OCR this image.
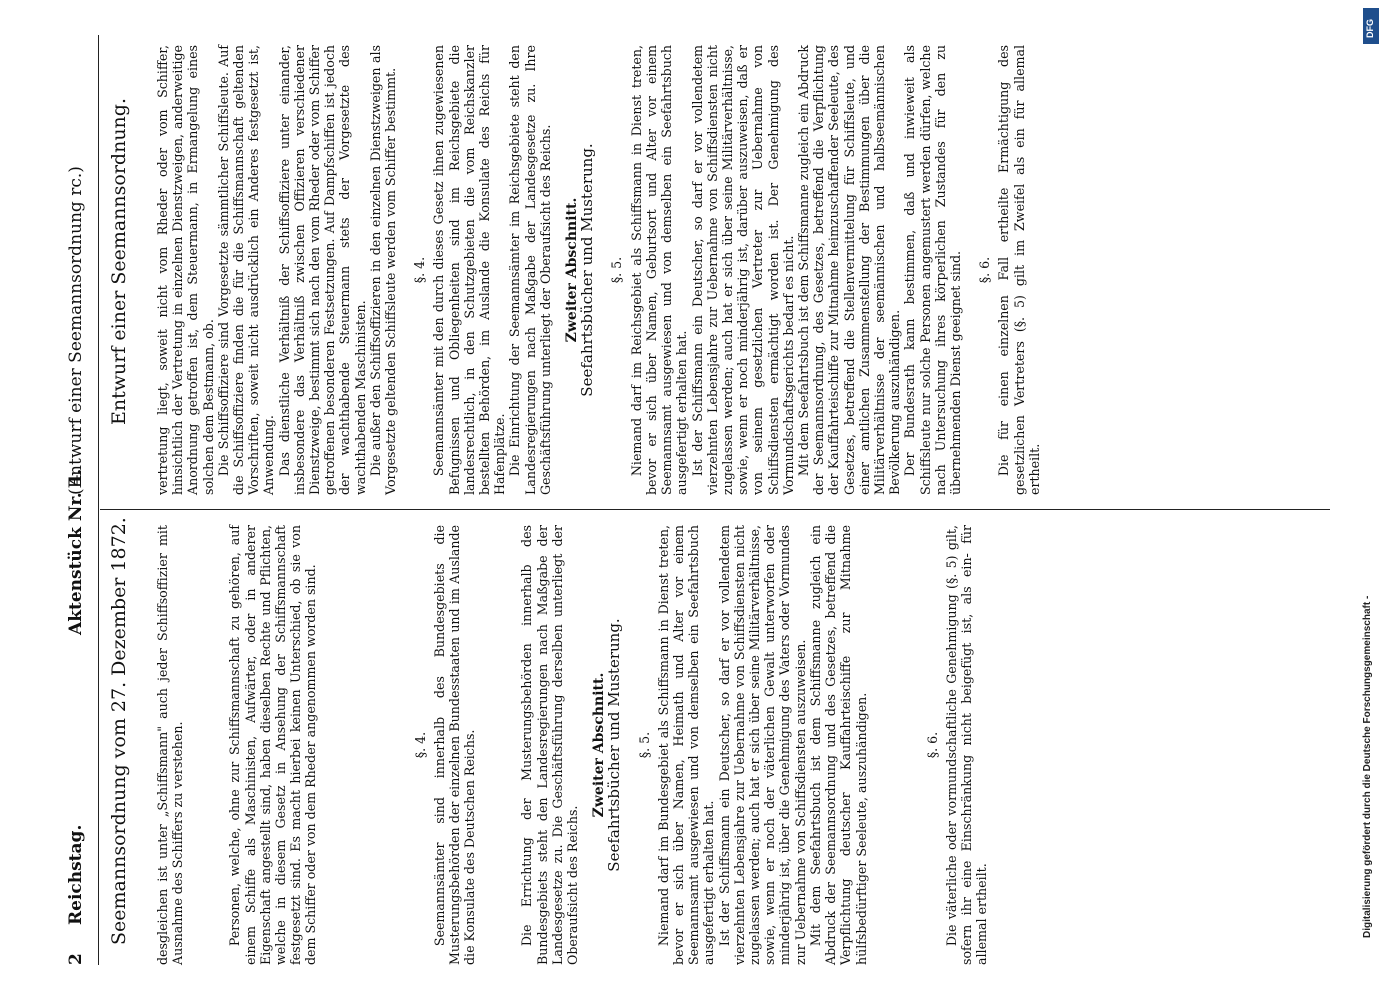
2
Reichstag.
Aktenstück Nr. 4.
(Entwurf einer Seemannsordnung rc.)
Seemannsordnung vom 27. Dezember 1872.
Entwurf einer Seemannsordnung.

desgleichen ist unter „Schiffsmann" auch jeder Schiffsoffizier mit Ausnahme des Schiffers zu verstehen.	Personen, welche, ohne zur Schiffsmannschaft zu gehören, auf einem Schiffe als Maschinisten, Aufwärter, oder in anderer Eigenschaft angestellt sind, haben dieselben Rechte und Pflichten, welche in diesem Gesetz in Ansehung der Schiffsmannschaft festgesetzt sind. Es macht hierbei keinen Unterschied, ob sie von dem Schiffer oder von dem Rheder angenommen worden sind.	§. 4. Seemannsämter sind innerhalb des Bundesgebiets die Musterungsbehörden der einzelnen Bundesstaaten und im Auslande die Konsulate des Deutschen Reichs.	Die Errichtung der Musterungsbehörden innerhalb des Bundesgebiets steht den Landesregierungen nach Maßgabe der Landesgesetze zu. Die Geschäftsführung derselben unterliegt der Oberaufsicht des Reichs.

Zweiter Abschnitt.
Seefahrtsbücher und Musterung. §. 5. Niemand darf im Bundesgebiet als Schiffsmann in Dienst treten, bevor er sich über Namen, Heimath und Alter vor einem Seemannsamt ausgewiesen und von demselben ein Seefahrtsbuch ausgefertigt erhalten hat. Ist der Schiffsmann ein Deutscher, so darf er vor vollendetem vierzehnten Lebensjahre zur Uebernahme von Schiffsdiensten nicht zugelassen werden; auch hat er sich über seine Militärverhältnisse, sowie, wenn er noch der väterlichen Gewalt unterworfen oder minderjährig ist, über die Genehmigung des Vaters oder Vormundes zur Uebernahme von Schiffsdiensten auszuweisen. Mit dem Seefahrtsbuch ist dem Schiffsmanne zugleich ein Abdruck der Seemannsordnung und des Gesetzes, betreffend die Verpflichtung deutscher Kauffahrteischiffe zur Mitnahme hülfsbedürftiger Seeleute, auszuhändigen.	§. 6. Die väterliche oder vormundschaftliche Genehmigung (§. 5) gilt, sofern ihr eine Einschränkung nicht beigefügt ist, als ein- für allemal ertheilt.

vertretung liegt, soweit nicht vom Rheder oder vom Schiffer, hinsichtlich der Vertretung in einzelnen Dienstzweigen, anderweitige Anordnung getroffen ist, dem Steuermann, in Ermangelung eines solchen dem Bestmann, ob. Die Schiffsoffiziere sind Vorgesetzte sämmtlicher Schiffsleute. Auf die Schiffsoffiziere finden die für die Schiffsmannschaft geltenden Vorschriften, soweit nicht ausdrücklich ein Anderes festgesetzt ist, Anwendung. Das dienstliche Verhältniß der Schiffsoffiziere unter einander, insbesondere das Verhältniß zwischen Offizieren verschiedener Dienstzweige, bestimmt sich nach den vom Rheder oder vom Schiffer getroffenen besonderen Festsetzungen. Auf Dampfschiffen ist jedoch der wachthabende Steuermann stets der Vorgesetzte des wachthabenden Maschinisten. Die außer den Schiffsoffizieren in den einzelnen Dienstzweigen als Vorgesetzte geltenden Schiffsleute werden vom Schiffer bestimmt. §. 4. Seemannsämter mit den durch dieses Gesetz ihnen zugewiesenen Befugnissen und Obliegenheiten sind im Reichsgebiete die landesrechtlich, in den Schutzgebieten die vom Reichskanzler bestellten Behörden, im Auslande die Konsulate des Reichs für Hafenplätze. Die Einrichtung der Seemannsämter im Reichsgebiete steht den Landesregierungen nach Maßgabe der Landesgesetze zu. Ihre Geschäftsführung unterliegt der Oberaufsicht des Reichs. Zweiter Abschnitt.
Seefahrtsbücher und Musterung. §. 5. Niemand darf im Reichsgebiet als Schiffsmann in Dienst treten, bevor er sich über Namen, Geburtsort und Alter vor einem Seemannsamt ausgewiesen und von demselben ein Seefahrtsbuch ausgefertigt erhalten hat. Ist der Schiffsmann ein Deutscher, so darf er vor vollendetem vierzehnten Lebensjahre zur Uebernahme von Schiffsdiensten nicht zugelassen werden; auch hat er sich über seine Militärverhältnisse, sowie, wenn er noch minderjährig ist, darüber auszuweisen, daß er von seinem gesetzlichen Vertreter zur Uebernahme von Schiffsdiensten ermächtigt worden ist. Der Genehmigung des Vormundschaftsgerichts bedarf es nicht. Mit dem Seefahrtsbuch ist dem Schiffsmanne zugleich ein Abdruck der Seemannsordnung, des Gesetzes, betreffend die Verpflichtung der Kauffahrteischiffe zur Mitnahme heimzuschaffender Seeleute, des Gesetzes, betreffend die Stellenvermittelung für Schiffsleute, und einer amtlichen Zusammenstellung der Bestimmungen über die Militärverhältnisse der seemännischen und halbseemännischen Bevölkerung auszuhändigen. Der Bundesrath kann bestimmen, daß und inwieweit als Schiffsleute nur solche Personen angemustert werden dürfen, welche nach Untersuchung ihres körperlichen Zustandes für den zu übernehmenden Dienst geeignet sind. §. 6. Die für einen einzelnen Fall ertheilte Ermächtigung des gesetzlichen Vertreters (§. 5) gilt im Zweifel als ein für allemal ertheilt.

Digitalisierung gefördert durch die Deutsche Forschungsgemeinschaft -
DFG
